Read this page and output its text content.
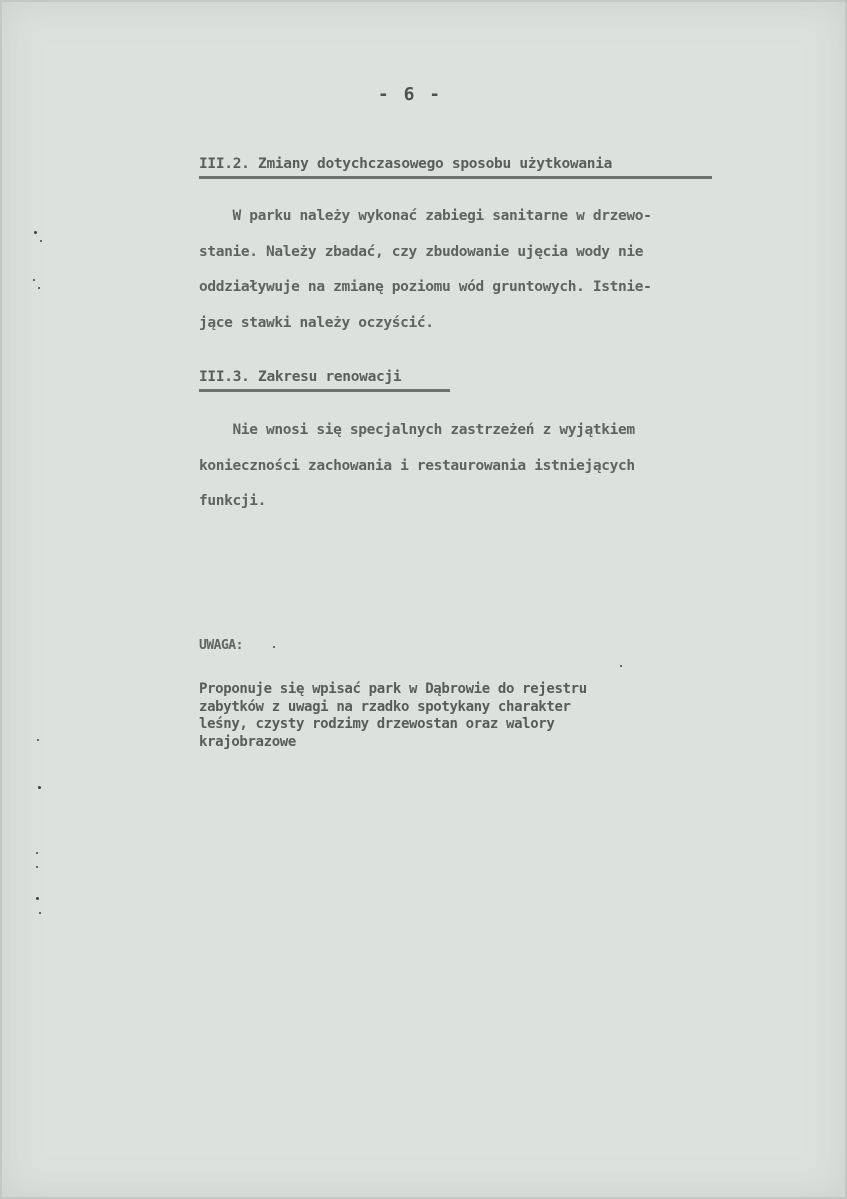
- 6 -
III.2. Zmiany dotychczasowego sposobu użytkowania
W parku należy wykonać zabiegi sanitarne w drzewo-
stanie. Należy zbadać, czy zbudowanie ujęcia wody nie
oddziaływuje na zmianę poziomu wód gruntowych. Istnie-
jące stawki należy oczyścić.
III.3. Zakresu renowacji
Nie wnosi się specjalnych zastrzeżeń z wyjątkiem
konieczności zachowania i restaurowania istniejących
funkcji.
UWAGA:
Proponuje się wpisać park w Dąbrowie do rejestru
zabytków z uwagi na rzadko spotykany charakter
leśny, czysty rodzimy drzewostan oraz walory
krajobrazowe
